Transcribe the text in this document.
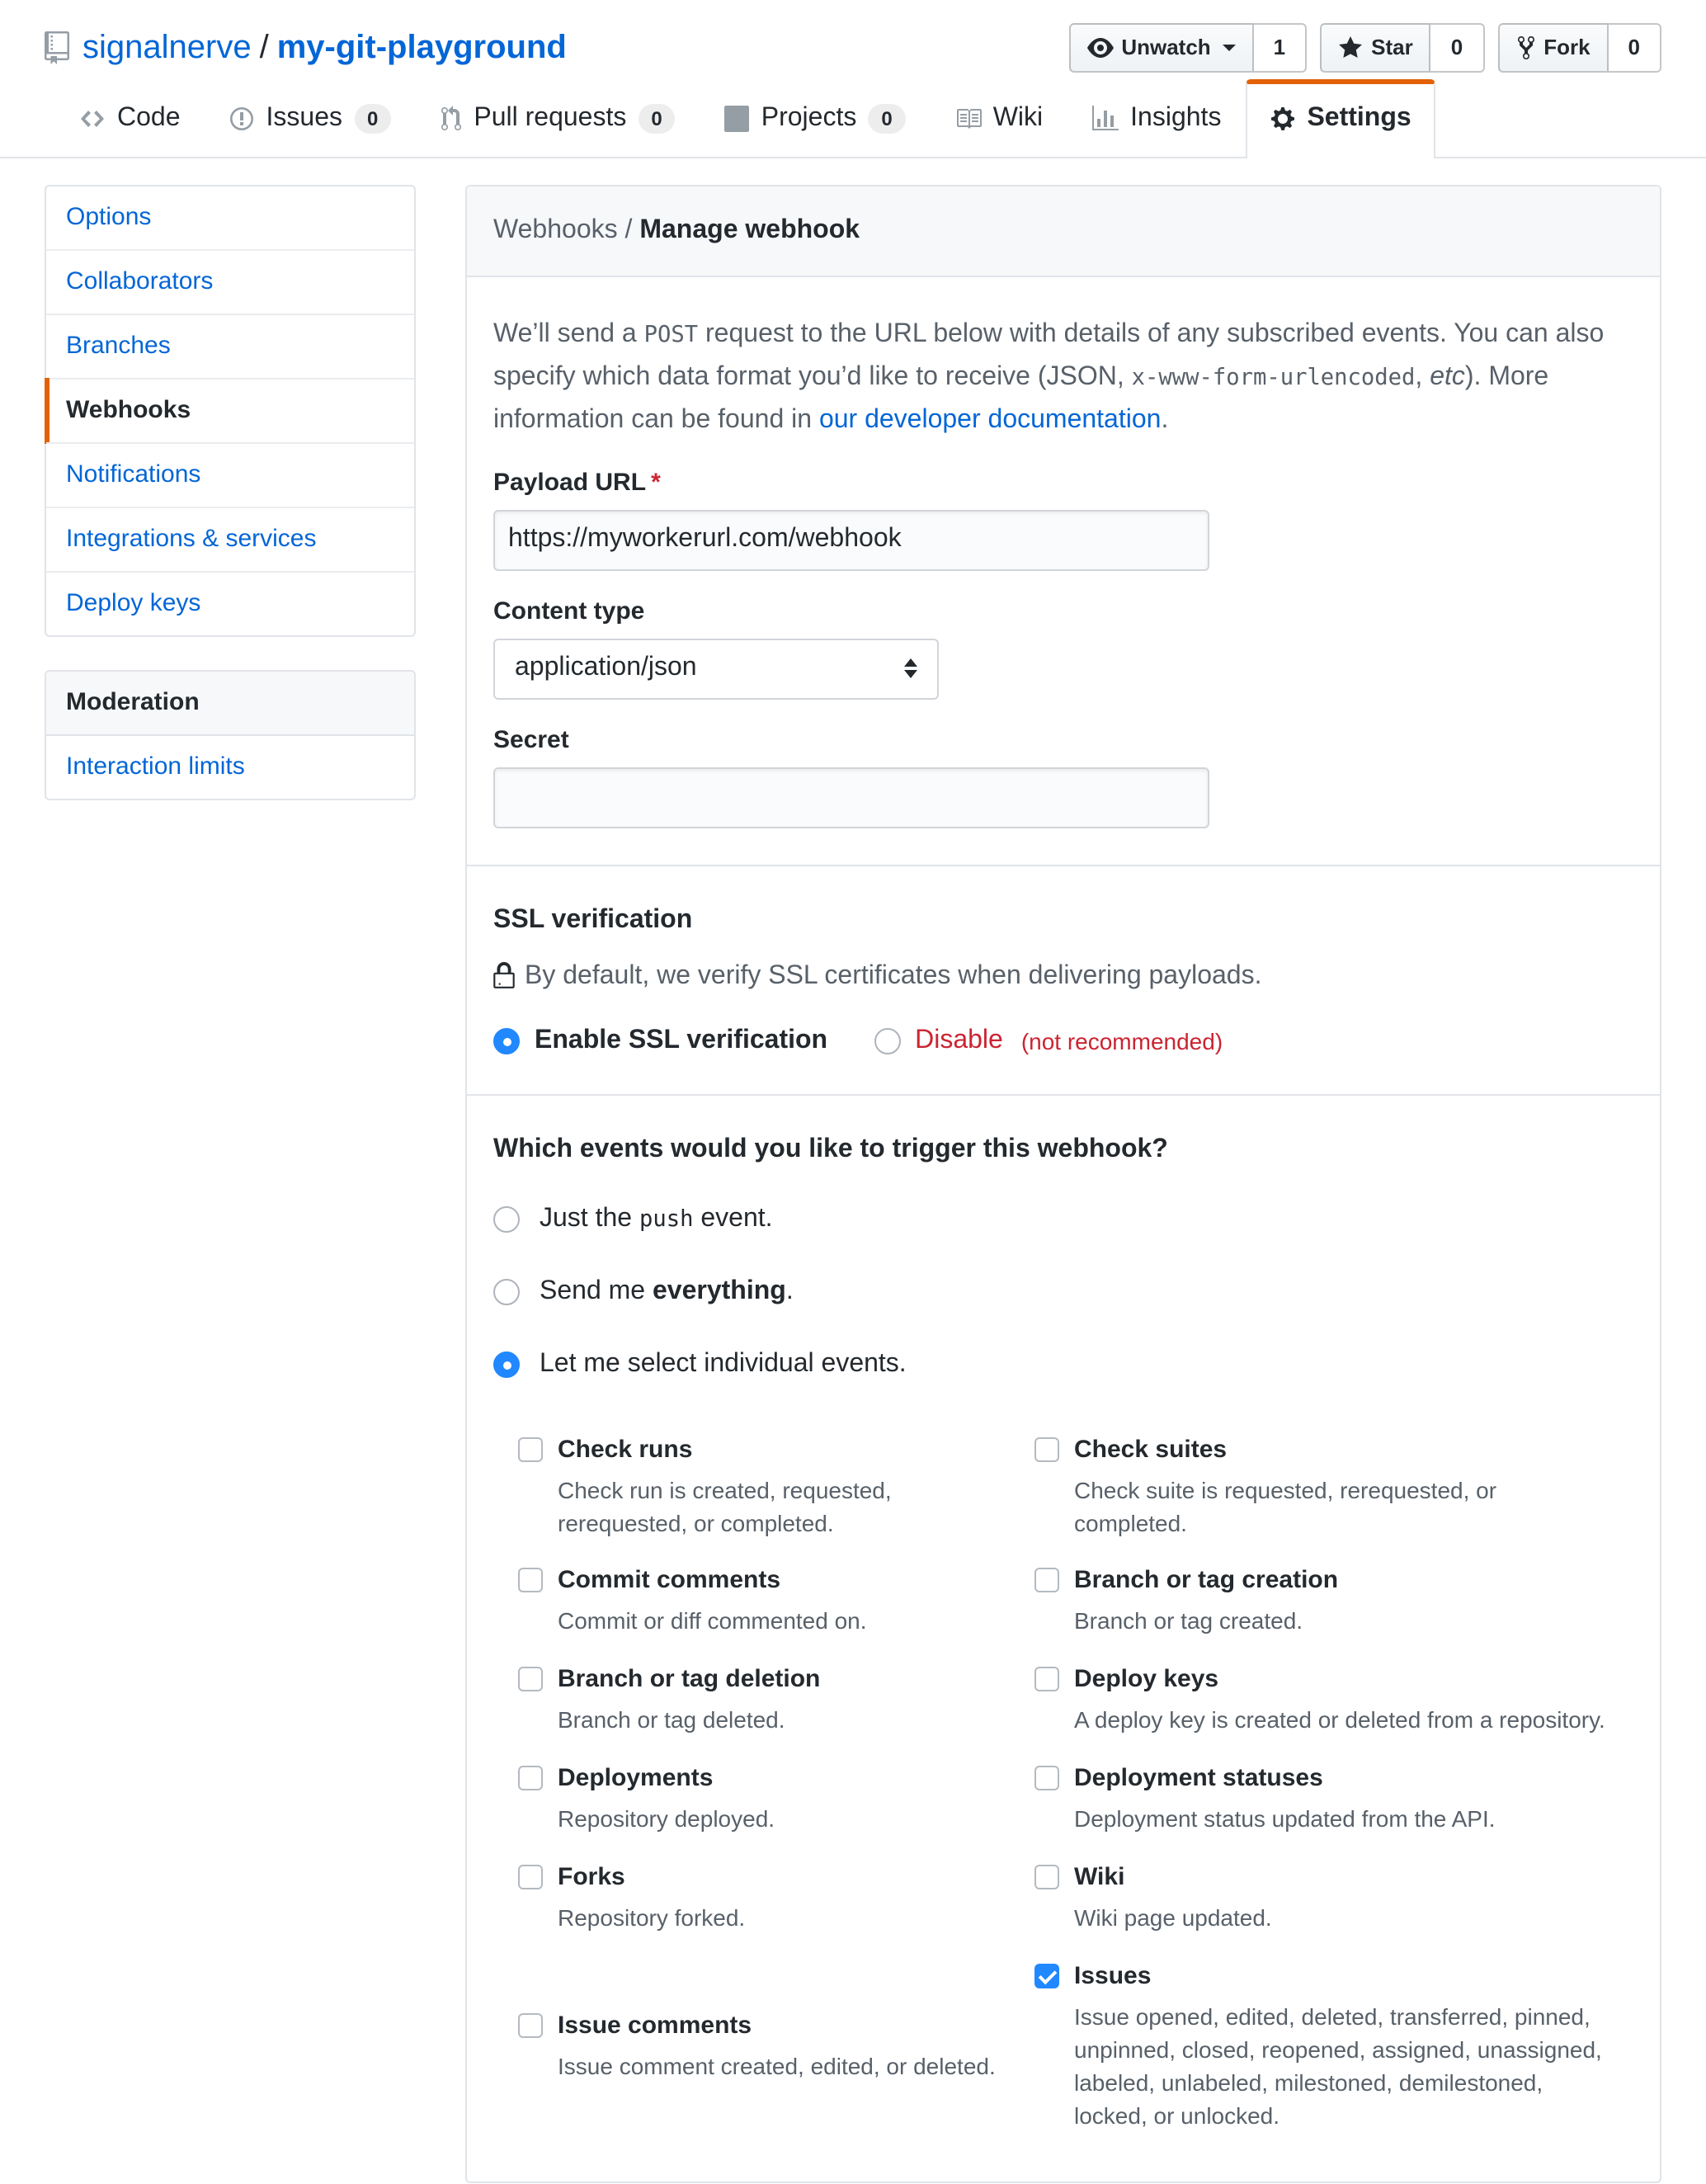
signalnerve / my-git-playground	Unwatch	1	Star	0	Fork	0
Code	Issues	0	Pull requests	0	Projects	0	Wiki	Insights	Settings
Options
Collaborators
Branches
Webhooks
Notifications
Integrations & services
Deploy keys
Moderation
Interaction limits
Webhooks / Manage webhook

We’ll send a POST request to the URL below with details of any subscribed events. You can also specify which data format you’d like to receive (JSON, x-www-form-urlencoded, etc). More information can be found in our developer documentation.

Payload URL *
https://myworkerurl.com/webhook
Content type
application/json
Secret
SSL verification
By default, we verify SSL certificates when delivering payloads.
Enable SSL verification	Disable (not recommended)
Which events would you like to trigger this webhook?
Just the push event.
Send me everything.
Let me select individual events.
Check runs
Check run is created, requested, rerequested, or completed.
Check suites
Check suite is requested, rerequested, or completed.
Commit comments
Commit or diff commented on.
Branch or tag creation
Branch or tag created.
Branch or tag deletion
Branch or tag deleted.
Deploy keys
A deploy key is created or deleted from a repository.
Deployments
Repository deployed.
Deployment statuses
Deployment status updated from the API.
Forks
Repository forked.
Wiki
Wiki page updated.
Issue comments
Issue comment created, edited, or deleted.
Issues
Issue opened, edited, deleted, transferred, pinned, unpinned, closed, reopened, assigned, unassigned, labeled, unlabeled, milestoned, demilestoned, locked, or unlocked.
